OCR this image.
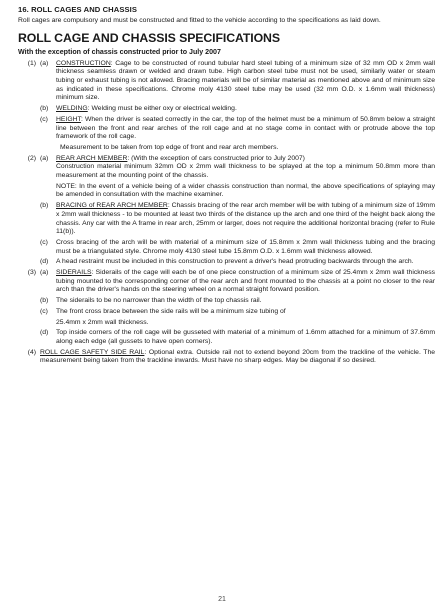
16. ROLL CAGES AND CHASSIS
Roll cages are compulsory and must be constructed and fitted to the vehicle according to the specifications as laid down.
ROLL CAGE AND CHASSIS SPECIFICATIONS
With the exception of chassis constructed prior to July 2007
(1) (a)	CONSTRUCTION: Cage to be constructed of round tubular hard steel tubing of a minimum size of 32 mm OD x 2mm wall thickness seamless drawn or welded and drawn tube. High carbon steel tube must not be used, similarly water or steam tubing or exhaust tubing is not allowed. Bracing materials will be of similar material as mentioned above and of minimum size as indicated in these specifications. Chrome moly 4130 steel tube may be used (32 mm O.D. x 1.6mm wall thickness) minimum size.
(b)	WELDING: Welding must be either oxy or electrical welding.
(c)	HEIGHT: When the driver is seated correctly in the car, the top of the helmet must be a minimum of 50.8mm below a straight line between the front and rear arches of the roll cage and at no stage come in contact with or protrude above the top framework of the roll cage.
Measurement to be taken from top edge of front and rear arch members.
(2) (a)	REAR ARCH MEMBER: (With the exception of cars constructed prior to July 2007)
Construction material minimum 32mm OD x 2mm wall thickness to be splayed at the top a minimum 50.8mm more than measurement at the mounting point of the chassis.
NOTE: In the event of a vehicle being of a wider chassis construction than normal, the above specifications of splaying may be amended in consultation with the machine examiner.
(b)	BRACING of REAR ARCH MEMBER: Chassis bracing of the rear arch member will be with tubing of a minimum size of 19mm x 2mm wall thickness - to be mounted at least two thirds of the distance up the arch and one third of the height back along the chassis. Any car with the A frame in rear arch, 25mm or larger, does not require the additional horizontal bracing (refer to Rule 11(b)).
(c)	Cross bracing of the arch will be with material of a minimum size of 15.8mm x 2mm wall thickness tubing and the bracing must be a triangulated style. Chrome moly 4130 steel tube 15.8mm O.D. x 1.6mm wall thickness allowed.
(d)	A head restraint must be included in this construction to prevent a driver's head protruding backwards through the arch.
(3) (a)	SIDERAILS: Siderails of the cage will each be of one piece construction of a minimum size of 25.4mm x 2mm wall thickness tubing mounted to the corresponding corner of the rear arch and front mounted to the chassis at a point no closer to the rear arch than the driver's hands on the steering wheel on a normal straight forward position.
(b)	The siderails to be no narrower than the width of the top chassis rail.
(c)	The front cross brace between the side rails will be a minimum size tubing of
25.4mm x 2mm wall thickness.
(d)	Top inside corners of the roll cage will be gusseted with material of a minimum of 1.6mm attached for a minimum of 37.6mm along each edge (all gussets to have open corners).
(4) ROLL CAGE SAFETY SIDE RAIL: Optional extra. Outside rail not to extend beyond 20cm from the trackline of the vehicle. The measurement being taken from the trackline inwards. Must have no sharp edges. May be diagonal if so desired.
21
